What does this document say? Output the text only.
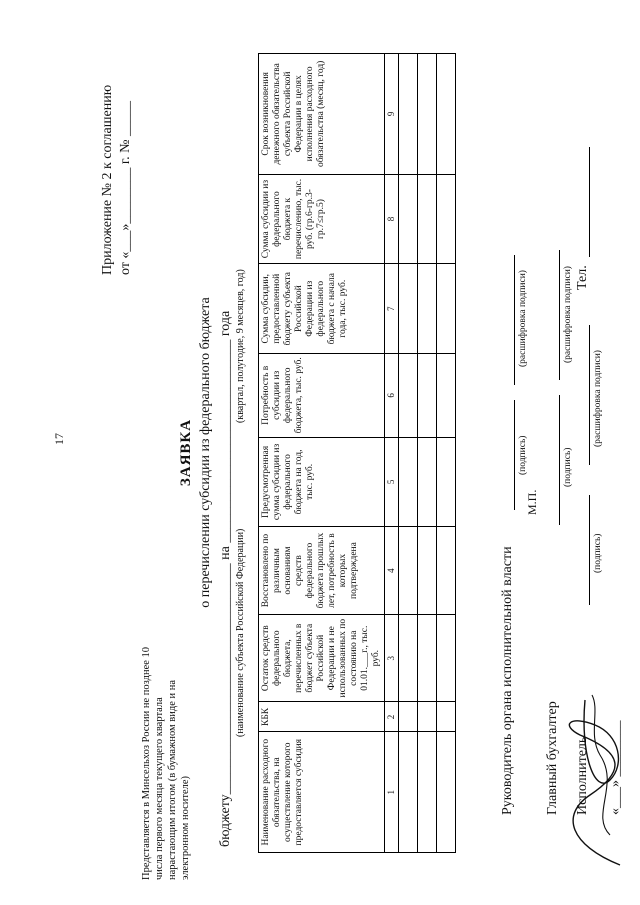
17
Приложение № 2 к соглашению от «___»________ г. № _____
Представляется в Минсельхоз России не позднее 10 числа первого месяца текущего квартала нарастающим итогом (в бумажном виде и на электронном носителе)
ЗАЯВКА о перечислении субсидии из федерального бюджета бюджету_________________________________ на _____________________________ года (наименование субъекта Российской Федерации)
(квартал, полугодие, 9 месяцев, год)
Наименование расходного обязательства, на осуществление которого предоставляется субсидия	КБК	Остаток средств федерального бюджета, перечисленных в бюджет субъекта Российской Федерации и не использованных по состоянию на 01.01.___г., тыс. руб.	Восстановлено по различным основаниям средств федерального бюджета прошлых лет, потребность в которых подтверждена	Предусмотренная сумма субсидии из федерального бюджета на год, тыс. руб.	Потребность в субсидии из федерального бюджета, тыс. руб.	Сумма субсидии, предоставленной бюджету субъекта Российской Федерации из федерального бюджета с начала года, тыс. руб.	Сумма субсидии из федерального бюджета к перечислению, тыс. руб. (гр.6-гр.3-гр.7≤гр.5)	Срок возникновения денежного обязательства субъекта Российской Федерации в целях исполнения расходного обязательства (месяц, год)
1	2	3	4	5	6	7	8	9

Руководитель органа исполнительной власти
(подпись)
(расшифровка подписи)
М.П.
Главный бухгалтер
(подпись)
(расшифровка подписи)
Исполнитель
(подпись)
(расшифровка подписи)
Тел.
«___» ________
